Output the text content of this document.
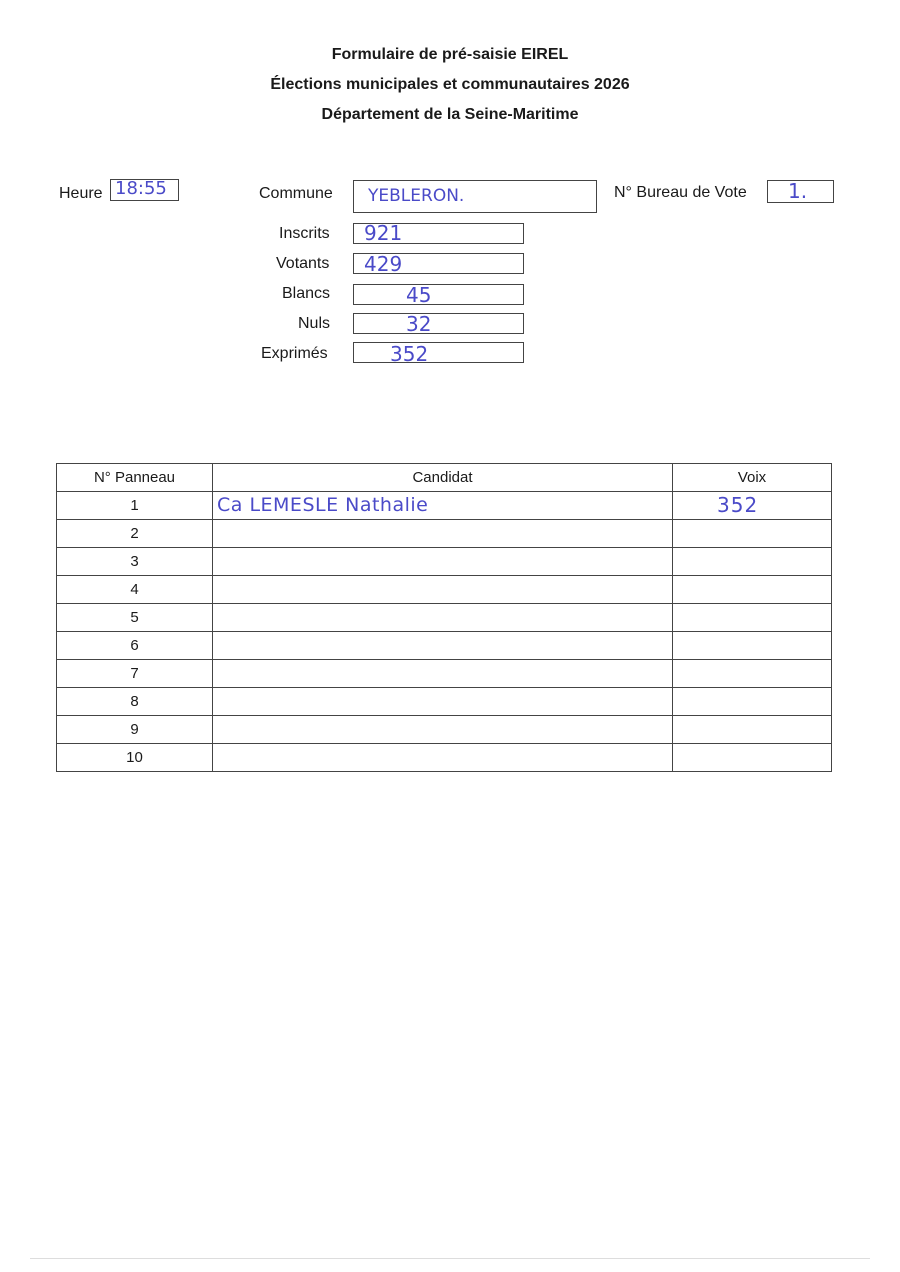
Formulaire de pré-saisie EIREL
Élections municipales et communautaires 2026
Département de la Seine-Maritime
Heure 18:55	Commune YEBLERON.	N° Bureau de Vote 1.
Inscrits 921
Votants 429
Blancs	45
Nuls	32
Exprimés	352
N° Panneau	Candidat	Voix
1	Ca LEMESLE Nathalie	352

2	

3	

4	

5	

6	

7	

8	

9	

10	
